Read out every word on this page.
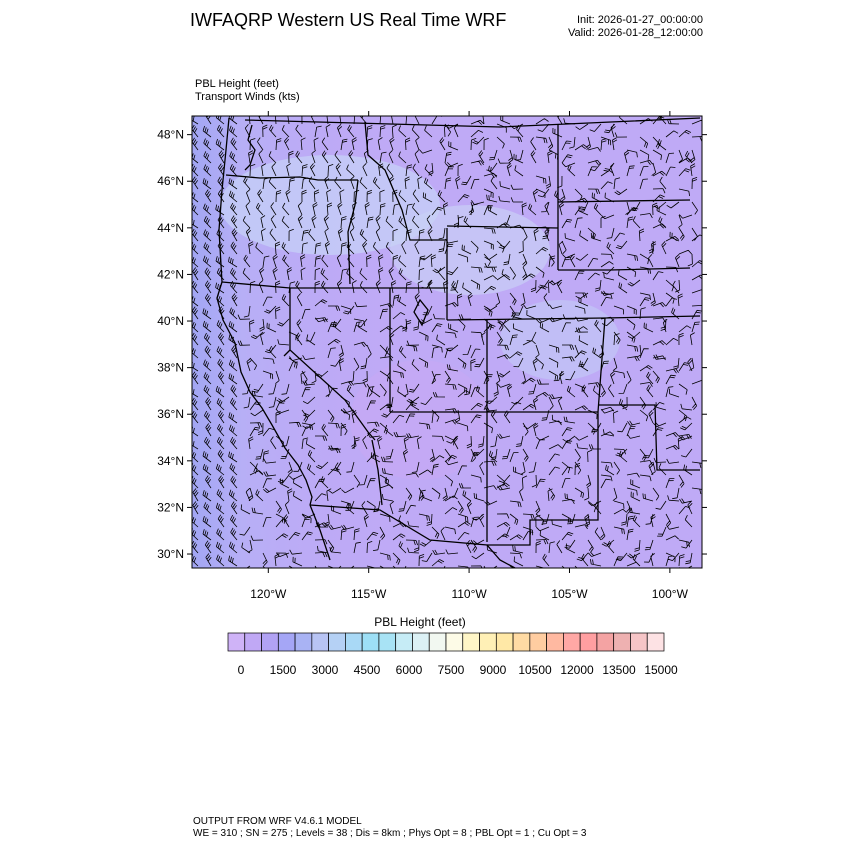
IWFAQRP Western US Real Time WRF	Init: 2026-01-27_00:00:00
Valid: 2026-01-28_12:00:00
PBL Height (feet)
Transport Winds (kts)
48°N
46°N
44°N
42°N
40°N
38°N
36°N
34°N
32°N
30°N
120°W	115°W	110°W	105°W	100°W
PBL Height (feet)
0 1500 3000 4500 6000 7500 9000 10500 12000 13500 15000
OUTPUT FROM WRF V4.6.1 MODEL
WE = 310 ; SN = 275 ; Levels = 38 ; Dis = 8km ; Phys Opt = 8 ; PBL Opt = 1 ; Cu Opt = 3
